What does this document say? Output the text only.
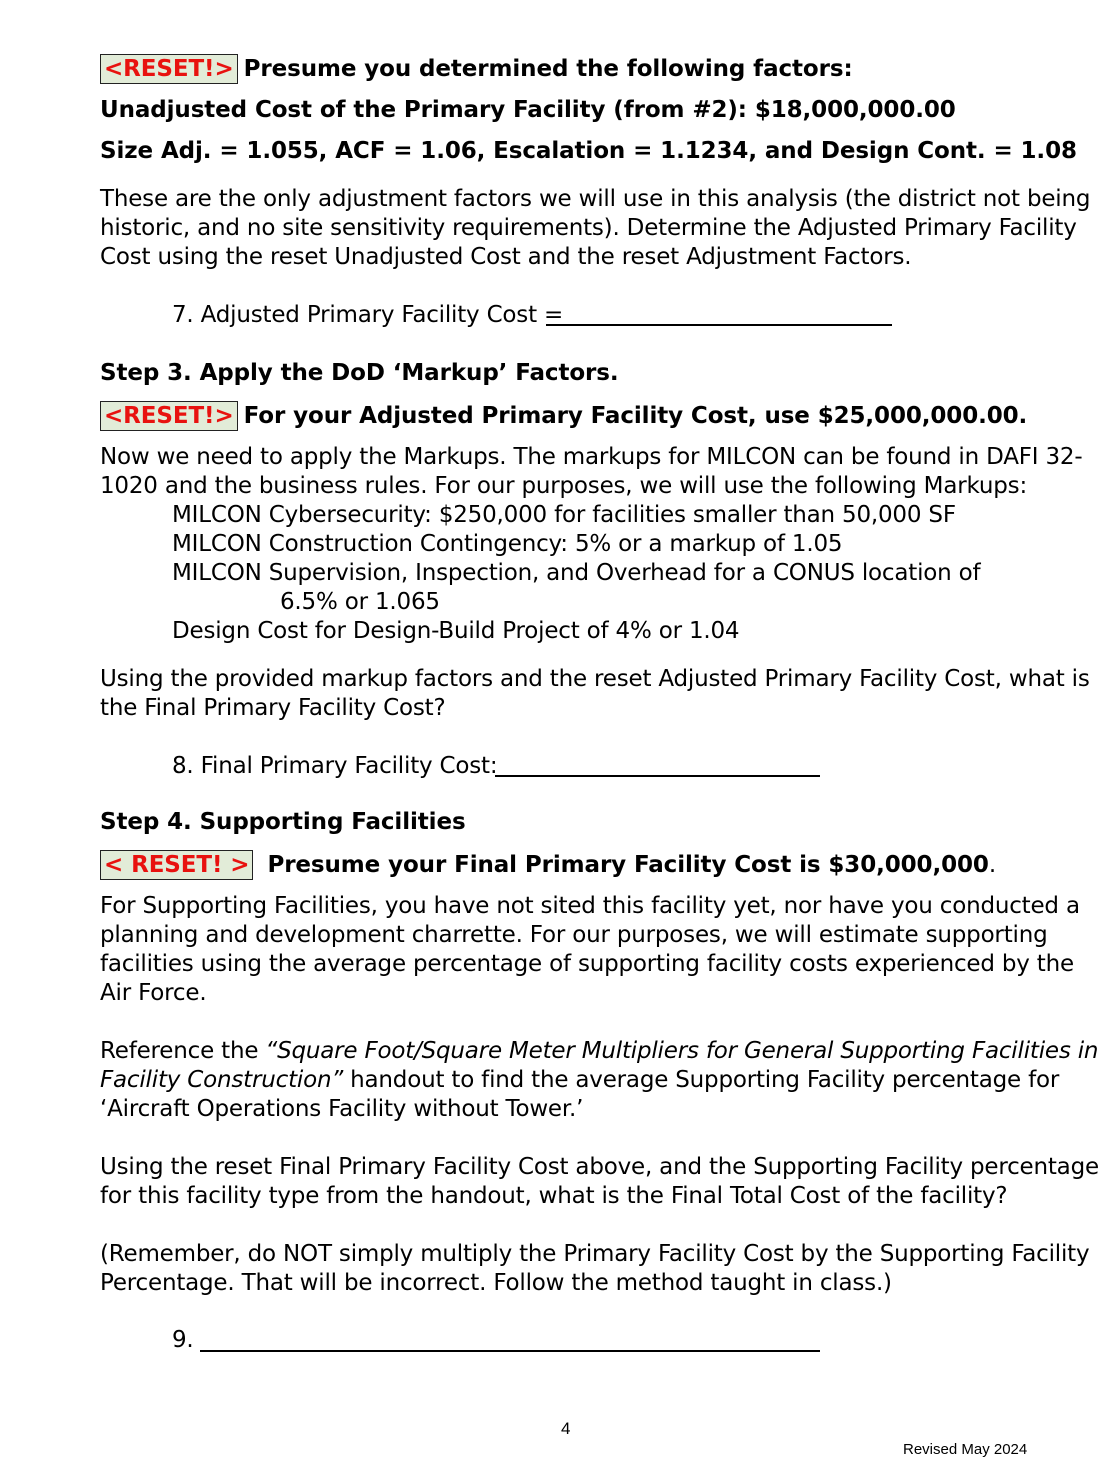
<RESET!> Presume you determined the following factors:
Unadjusted Cost of the Primary Facility (from #2): $18,000,000.00
Size Adj. = 1.055, ACF = 1.06, Escalation = 1.1234, and Design Cont. = 1.08
These are the only adjustment factors we will use in this analysis (the district not being
historic, and no site sensitivity requirements). Determine the Adjusted Primary Facility
Cost using the reset Unadjusted Cost and the reset Adjustment Factors.
7. Adjusted Primary Facility Cost =
Step 3. Apply the DoD ‘Markup’ Factors.
<RESET!> For your Adjusted Primary Facility Cost, use $25,000,000.00.
Now we need to apply the Markups. The markups for MILCON can be found in DAFI 32-
1020 and the business rules. For our purposes, we will use the following Markups:
MILCON Cybersecurity: $250,000 for facilities smaller than 50,000 SF
MILCON Construction Contingency: 5% or a markup of 1.05
MILCON Supervision, Inspection, and Overhead for a CONUS location of
6.5% or 1.065
Design Cost for Design-Build Project of 4% or 1.04
Using the provided markup factors and the reset Adjusted Primary Facility Cost, what is
the Final Primary Facility Cost?
8. Final Primary Facility Cost:
Step 4. Supporting Facilities
< RESET! > Presume your Final Primary Facility Cost is $30,000,000.
For Supporting Facilities, you have not sited this facility yet, nor have you conducted a
planning and development charrette. For our purposes, we will estimate supporting
facilities using the average percentage of supporting facility costs experienced by the
Air Force.
Reference the “Square Foot/Square Meter Multipliers for General Supporting Facilities in
Facility Construction” handout to find the average Supporting Facility percentage for
‘Aircraft Operations Facility without Tower.’
Using the reset Final Primary Facility Cost above, and the Supporting Facility percentage
for this facility type from the handout, what is the Final Total Cost of the facility?
(Remember, do NOT simply multiply the Primary Facility Cost by the Supporting Facility
Percentage. That will be incorrect. Follow the method taught in class.)
9.
4
Revised May 2024
